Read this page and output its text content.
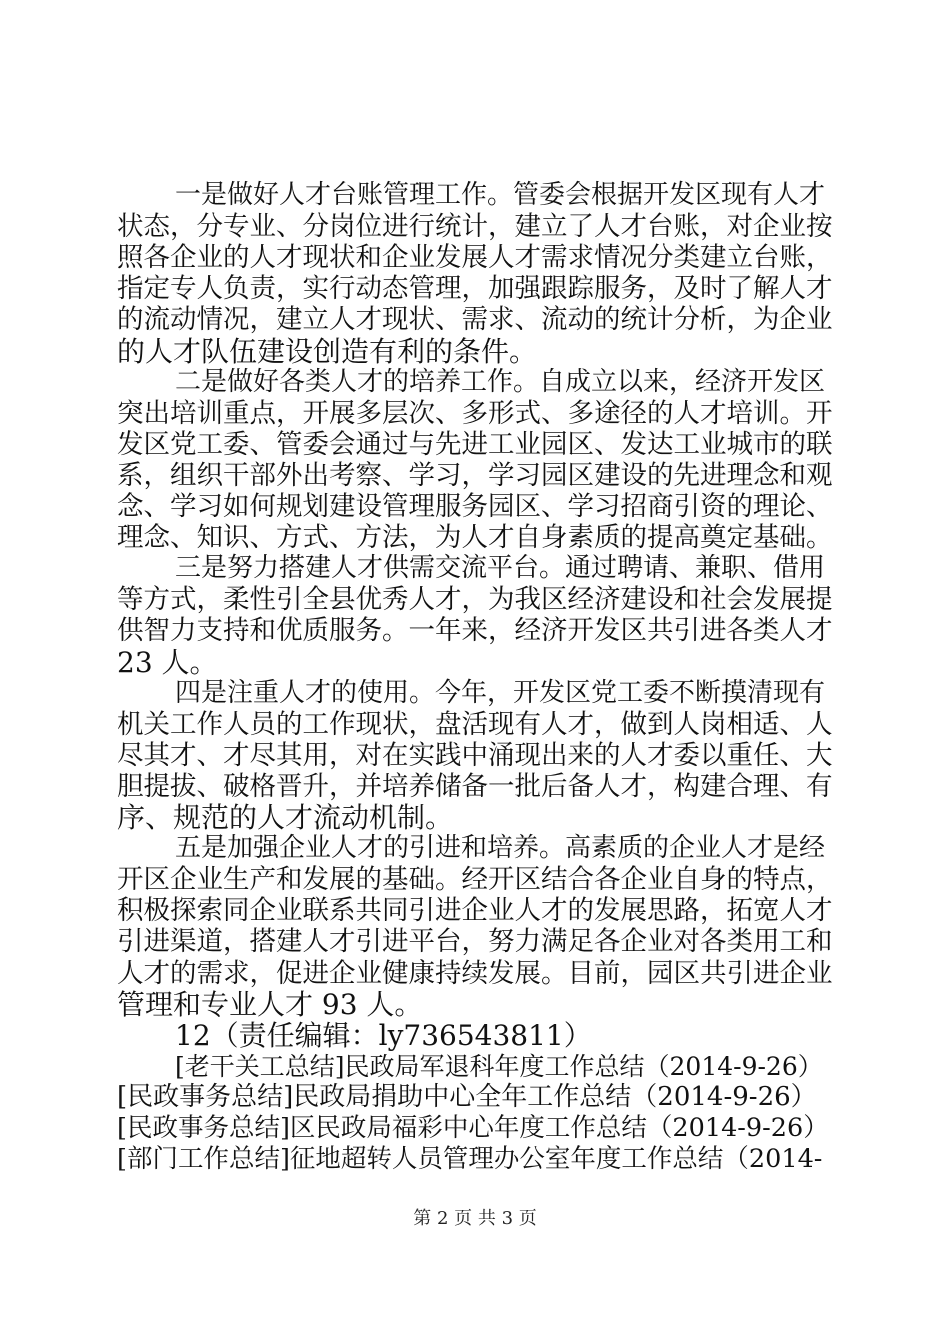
一是做好人才台账管理工作。管委会根据开发区现有人才
状态，分专业、分岗位进行统计，建立了人才台账，对企业按
照各企业的人才现状和企业发展人才需求情况分类建立台账，
指定专人负责，实行动态管理，加强跟踪服务，及时了解人才
的流动情况，建立人才现状、需求、流动的统计分析，为企业
的人才队伍建设创造有利的条件。
二是做好各类人才的培养工作。自成立以来，经济开发区
突出培训重点，开展多层次、多形式、多途径的人才培训。开
发区党工委、管委会通过与先进工业园区、发达工业城市的联
系，组织干部外出考察、学习，学习园区建设的先进理念和观
念、学习如何规划建设管理服务园区、学习招商引资的理论、
理念、知识、方式、方法，为人才自身素质的提高奠定基础。
三是努力搭建人才供需交流平台。通过聘请、兼职、借用
等方式，柔性引全县优秀人才，为我区经济建设和社会发展提
供智力支持和优质服务。一年来，经济开发区共引进各类人才
23 人。
四是注重人才的使用。今年，开发区党工委不断摸清现有
机关工作人员的工作现状，盘活现有人才，做到人岗相适、人
尽其才、才尽其用，对在实践中涌现出来的人才委以重任、大
胆提拔、破格晋升，并培养储备一批后备人才，构建合理、有
序、规范的人才流动机制。
五是加强企业人才的引进和培养。高素质的企业人才是经
开区企业生产和发展的基础。经开区结合各企业自身的特点，
积极探索同企业联系共同引进企业人才的发展思路，拓宽人才
引进渠道，搭建人才引进平台，努力满足各企业对各类用工和
人才的需求，促进企业健康持续发展。目前，园区共引进企业
管理和专业人才 93 人。
12（责任编辑：ly736543811）
[老干关工总结]民政局军退科年度工作总结（2014-9-26）
[民政事务总结]民政局捐助中心全年工作总结（2014-9-26）
[民政事务总结]区民政局福彩中心年度工作总结（2014-9-26）
[部门工作总结]征地超转人员管理办公室年度工作总结（2014-
第 2 页 共 3 页
